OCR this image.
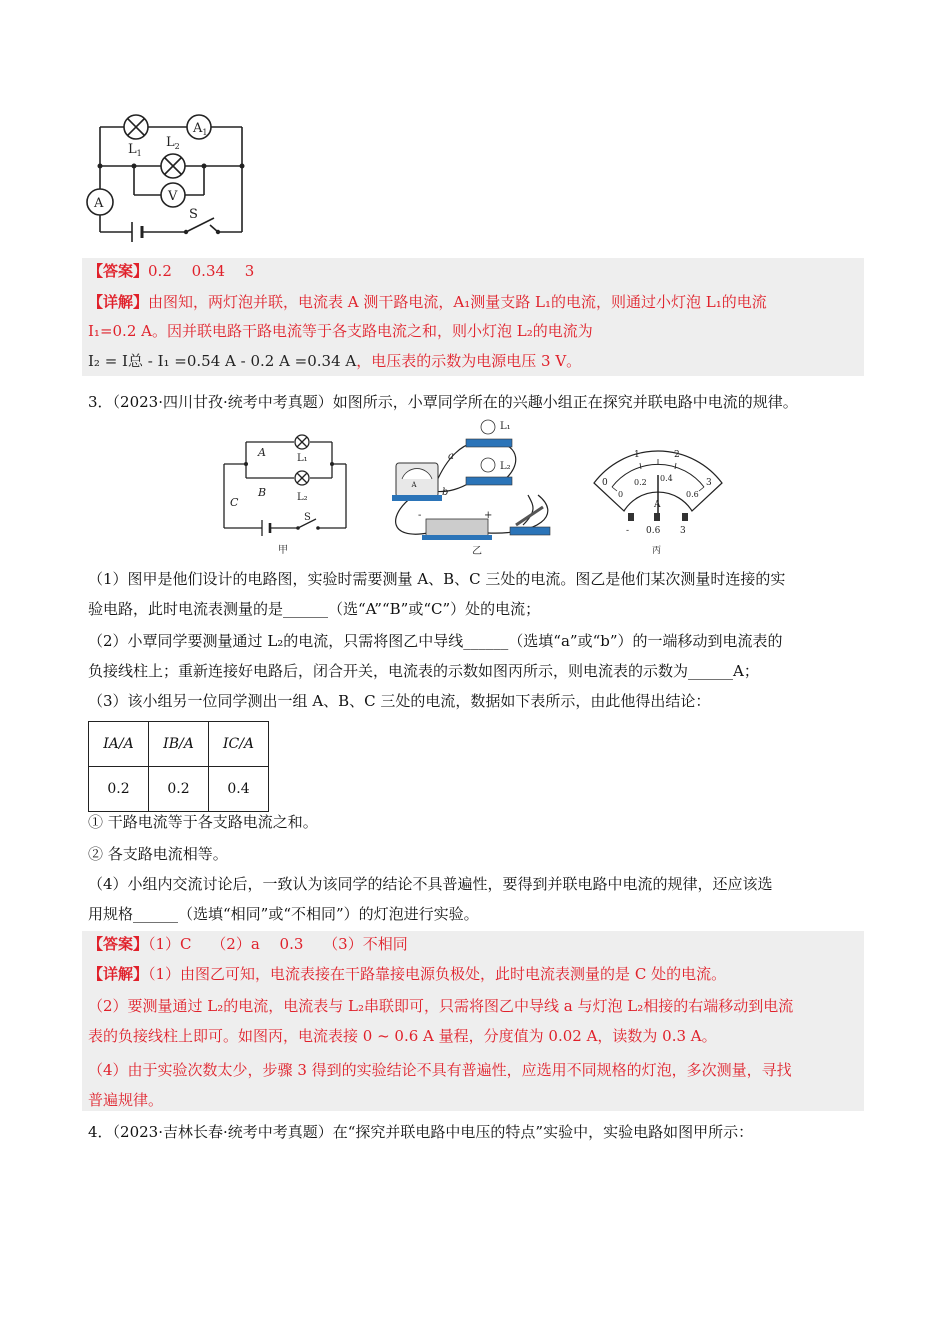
$A_1$
$L_1$
$L_2$
V
A
S
【答案】0.2　 0.34　 3
【详解】由图知，两灯泡并联，电流表 A 测干路电流，A₁测量支路 L₁的电流，则通过小灯泡 L₁的电流
I₁=0.2 A。因并联电路干路电流等于各支路电流之和，则小灯泡 L₂的电流为
I₂ = I总 - I₁ =0.54 A - 0.2 A =0.34 A，电压表的示数为电源电压 3 V。
3．（2023·四川甘孜·统考中考真题）如图所示，小覃同学所在的兴趣小组正在探究并联电路中电流的规律。
A
B
C
L₁
L₂
S
甲
A
L₁
L₂
a
b
-	+
乙
0
1	2
3
0
0.2 0.4
0.6
A
- 0.6 3
丙
（1）图甲是他们设计的电路图，实验时需要测量 A、B、C 三处的电流。图乙是他们某次测量时连接的实
验电路，此时电流表测量的是______（选“A”“B”或“C”）处的电流；
（2）小覃同学要测量通过 L₂的电流，只需将图乙中导线______（选填“a”或“b”）的一端移动到电流表的
负接线柱上；重新连接好电路后，闭合开关，电流表的示数如图丙所示，则电流表的示数为______A；
（3）该小组另一位同学测出一组 A、B、C 三处的电流，数据如下表所示，由此他得出结论：
IA/A	IB/A	IC/A
0.2	0.2	0.4
① 干路电流等于各支路电流之和。
② 各支路电流相等。
（4）小组内交流讨论后，一致认为该同学的结论不具普遍性，要得到并联电路中电流的规律，还应该选
用规格______（选填“相同”或“不相同”）的灯泡进行实验。
【答案】（1）C　 （2）a　 0.3　 （3）不相同
【详解】（1）由图乙可知，电流表接在干路靠接电源负极处，此时电流表测量的是 C 处的电流。
（2）要测量通过 L₂的电流，电流表与 L₂串联即可，只需将图乙中导线 a 与灯泡 L₂相接的右端移动到电流
表的负接线柱上即可。如图丙，电流表接 0 ~ 0.6 A 量程，分度值为 0.02 A，读数为 0.3 A。
（4）由于实验次数太少，步骤 3 得到的实验结论不具有普遍性，应选用不同规格的灯泡，多次测量，寻找
普遍规律。
4．（2023·吉林长春·统考中考真题）在“探究并联电路中电压的特点”实验中，实验电路如图甲所示：
